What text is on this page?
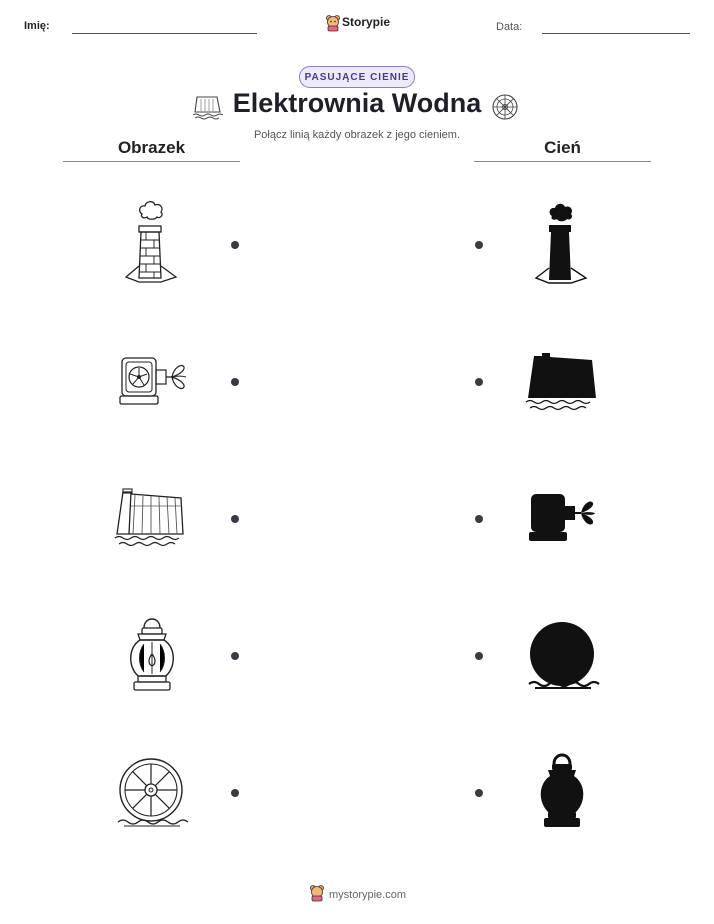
Imię:	Storypie	Data:
PASUJĄCE CIENIE
Elektrownia Wodna
Połącz linią każdy obrazek z jego cieniem.
Obrazek	Cień
mystorypie.com
